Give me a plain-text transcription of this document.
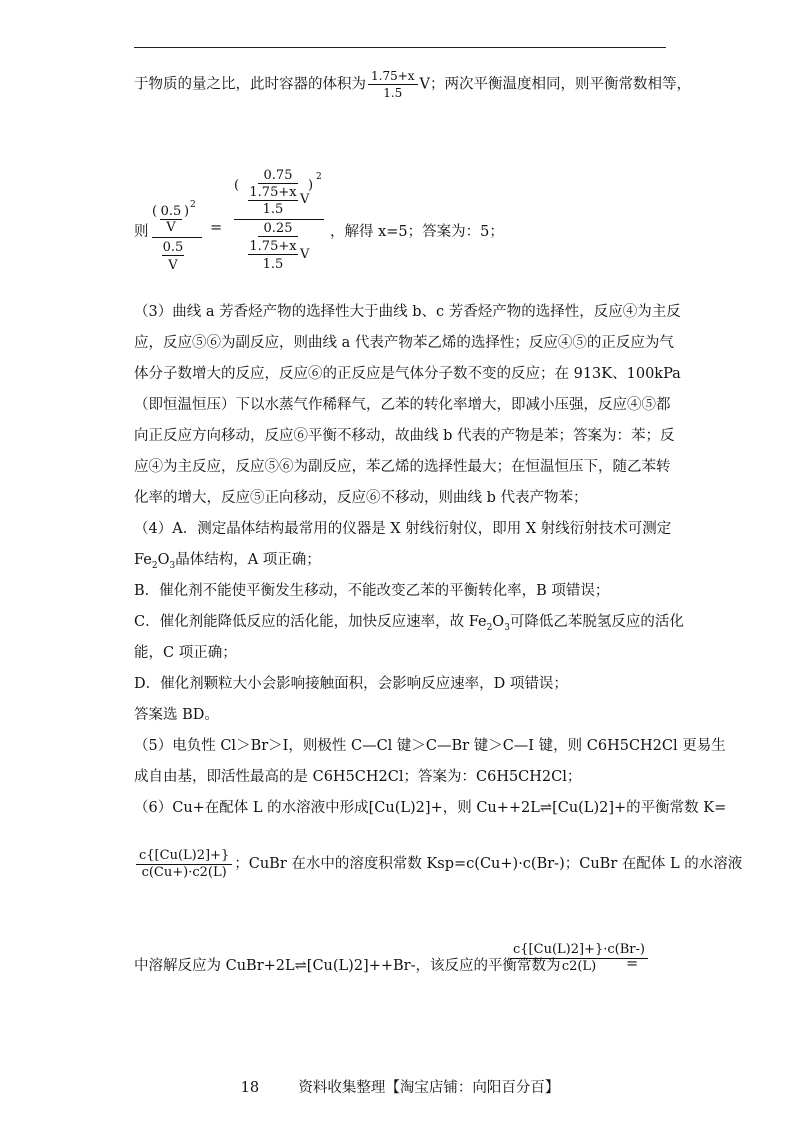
于物质的量之比，此时容器的体积为 $\frac{1.75+x}{1.5}$ V；两次平衡温度相同，则平衡常数相等，
则
( 0.5
V
) 2
0.5
V
=
(
0.75
1.75+x
1.5
V
)
2
0.25
1.75+x
1.5
V
，解得 x=5；答案为：5；
（3）曲线 a 芳香烃产物的选择性大于曲线 b、c 芳香烃产物的选择性，反应④为主反
应，反应⑤⑥为副反应，则曲线 a 代表产物苯乙烯的选择性；反应④⑤的正反应为气
体分子数增大的反应，反应⑥的正反应是气体分子数不变的反应；在 913K、100kPa
（即恒温恒压）下以水蒸气作稀释气，乙苯的转化率增大，即减小压强，反应④⑤都
向正反应方向移动，反应⑥平衡不移动，故曲线 b 代表的产物是苯；答案为：苯；反
应④为主反应，反应⑤⑥为副反应，苯乙烯的选择性最大；在恒温恒压下，随乙苯转
化率的增大，反应⑤正向移动，反应⑥不移动，则曲线 b 代表产物苯；
（4）A．测定晶体结构最常用的仪器是 X 射线衍射仪，即用 X 射线衍射技术可测定
$Fe_2O_3$晶体结构，A 项正确；
B．催化剂不能使平衡发生移动，不能改变乙苯的平衡转化率，B 项错误；
C．催化剂能降低反应的活化能，加快反应速率，故 $Fe_2O_3$可降低乙苯脱氢反应的活化
能，C 项正确；
D．催化剂颗粒大小会影响接触面积，会影响反应速率，D 项错误；
答案选 BD。
（5）电负性 Cl＞Br＞I，则极性 C—Cl 键＞C—Br 键＞C—I 键，则 C6H5CH2Cl 更易生
成自由基，即活性最高的是 C6H5CH2Cl；答案为：C6H5CH2Cl；
（6）Cu+在配体 L 的水溶液中形成[Cu(L)2]+，则 Cu++2L⇌[Cu(L)2]+的平衡常数 K=
$\frac{c\{[Cu(L)2]+\}}{c(Cu+)\cdot c2(L)}$ ；CuBr 在水中的溶度积常数 Ksp=c(Cu+)·c(Br-)；CuBr 在配体 L 的水溶液
中溶解反应为 CuBr+2L⇌[Cu(L)2]++Br-，该反应的平衡常数为
$\frac{c\{[Cu(L)2]+\}\cdot c(Br-)}{c2(L)}$
=
18	资料收集整理【淘宝店铺：向阳百分百】
